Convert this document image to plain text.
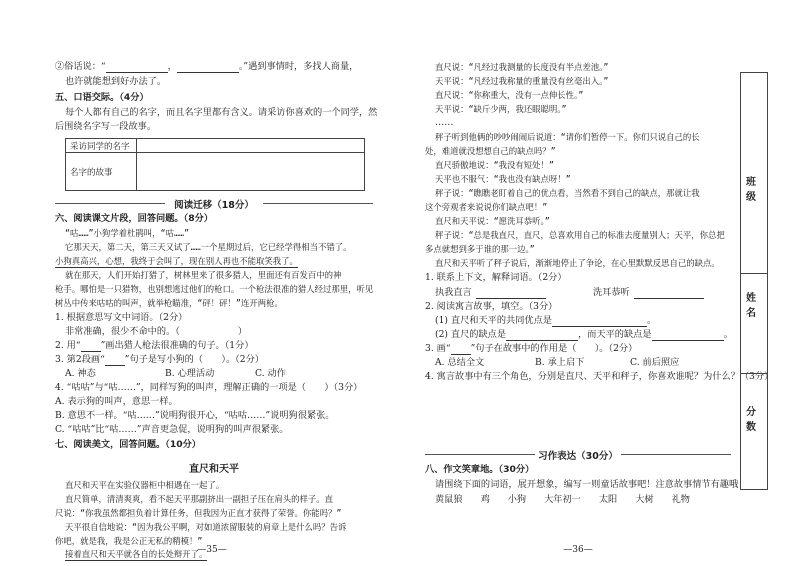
②俗话说：“	，	。”遇到事情时，多找人商量，
也许就能想到好办法了。
五、口语交际。（4分）
每个人都有自己的名字，而且名字里都有含义。请采访你喜欢的一个同学，然
后围绕名字写一段故事。
采访同学的名字	
名字的故事	
阅读迁移（18分）
六、阅读课文片段，回答问题。（8分）
“咕……”小狗学着杜鹃叫，“咕……”
它那天天，第二天，第三天又试了……一个星期过后，它已经学得相当不错了。
小狗真高兴，心想，我终于会叫了，现在别人再也不能取笑我了。
就在那天，人们开始打猎了，树林里来了很多猎人，里面还有百发百中的神
枪手。哪怕是一只猎物，也别想逃过他们的枪口。一个枪法很准的猎人经过那里，听见
树丛中传来咕咕的叫声，就举枪瞄准，“砰！砰！”连开两枪。
1. 根据意思写文中词语。（2分）
非常准确，很少不命中的。（	）
2. 用“ ”画出猎人枪法很准确的句子。（1分）
3. 第2段画“ ”句子是写小狗的（　　）。（2分）
A. 神态	B. 心理活动	C. 动作
4. “咕咕”与“咕……”，同样写狗的叫声，理解正确的一项是（　　）（3分）
A. 表示狗的叫声，意思一样。
B. 意思不一样。“咕……”说明狗很开心，“咕咕……”说明狗很紧张。
C. “咕咕”比“咕……”声音更急促，说明狗的叫声很紧张。
七、阅读美文，回答问题。（10分）
直尺和天平
直尺和天平在实验仪器柜中相遇在一起了。
直尺简单，清清爽爽，看不起天平那副挤出一副担子压在肩头的样子。直
尺说：“你我虽然都担负着计算任务，但我因为正直才获得了荣誉。你能吗？”
天平很自信地说：“因为我公平啊，对如道浓留服装的肩章上是什么吗？告诉
你吧，就是我，我是公正无私的精模！”
接着直尺和天平就各自的长处辩开了。
直尺说：“凡经过我测量的长度没有半点差池。”
天平说：“凡经过我称量的重量没有丝毫出入。”
直尺说：“你称重大，没有一点伸长性。”
天平说：“缺斤少两，我还眼聪明。”
……
秤子听到他俩的吵吵闹闹后说道：“请你们暂停一下。你们只说自己的长
处，难道就没想想自己的缺点吗？”
直尺骄傲地说：“我没有短处！”
天平也不服气：“我也没有缺点呀！”
秤子说：“瞧瞧老盯着自己的优点看，当然看不到自己的缺点，那就让我
这个旁观者来说说你们缺点吧！”
直尺和天平说：“愿洗耳恭听。”
秤子说：“总是我直尺，直尺，总喜欢用自己的标准去度量别人；天平，你总把
多点就想到多于谁的那一边。”
直尺和天平听了秤子说后，渐渐地停止了争论，在心里默默反思自己的缺点。
1. 联系上下文，解释词语。（2分）
执我直言	洗耳恭听
2. 阅读寓言故事，填空。（3分）
(1) 直尺和天平的共同优点是	。
(2) 直尺的缺点是	，而天平的缺点是	。
3. 画“ ”句子在故事中的作用是（　　）。（2分）
A. 总结全文	B. 承上启下	C. 前后照应
4. 寓言故事中有三个角色，分别是直尺、天平和秤子，你喜欢谁呢？为什么？（3分）
习作表达（30分）
八、作文笑章地。（30分）
请围绕下面的词语，展开想象，编写一则童话故事吧！注意故事情节有趣哦！
黄鼠狼 鸡 小狗 大年初一 太阳 大树 礼物
—35—	—36—
班
级
姓
名
分
数
